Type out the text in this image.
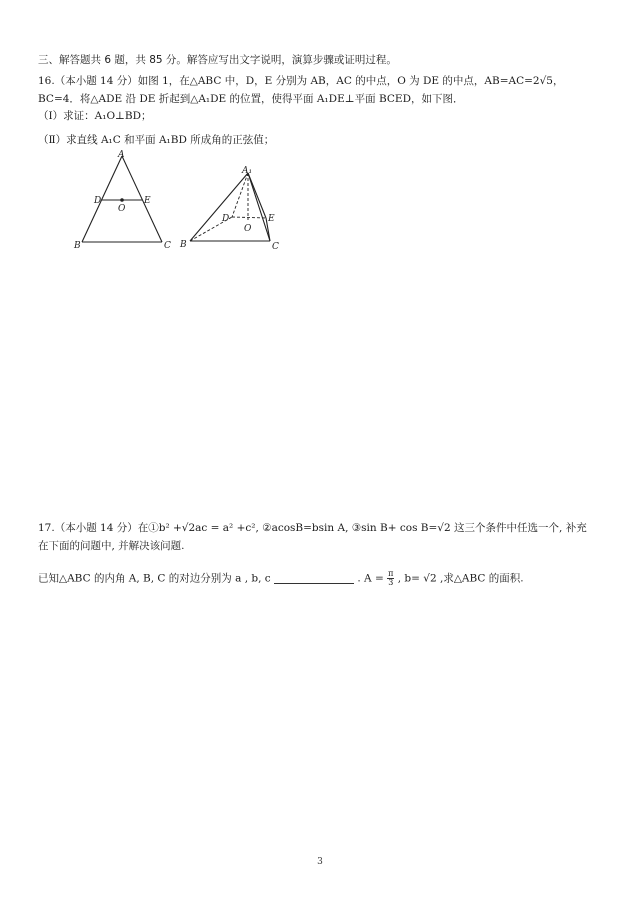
三、解答题共 6 题，共 85 分。解答应写出文字说明，演算步骤或证明过程。
16.（本小题 14 分）如图 1，在△ABC 中，D，E 分别为 AB，AC 的中点，O 为 DE 的中点，AB=AC=2√5，
BC=4．将△ADE 沿 DE 折起到△A₁DE 的位置，使得平面 A₁DE⊥平面 BCED，如下图．
（Ⅰ）求证：A₁O⊥BD；
（Ⅱ）求直线 A₁C 和平面 A₁BD 所成角的正弦值；
A
D
O
E
B	C
A₁
D
O
E
B	C
17.（本小题 14 分）在①b² +√2ac = a² +c², ②acosB=bsin A, ③sin B+ cos B=√2 这三个条件中任选一个, 补充
在下面的问题中, 并解决该问题.
已知△ABC 的内角 A, B, C 的对边分别为 a , b, c	. $A = \frac{\pi}{3}$ , b= √2 ,求△ABC 的面积.
3
